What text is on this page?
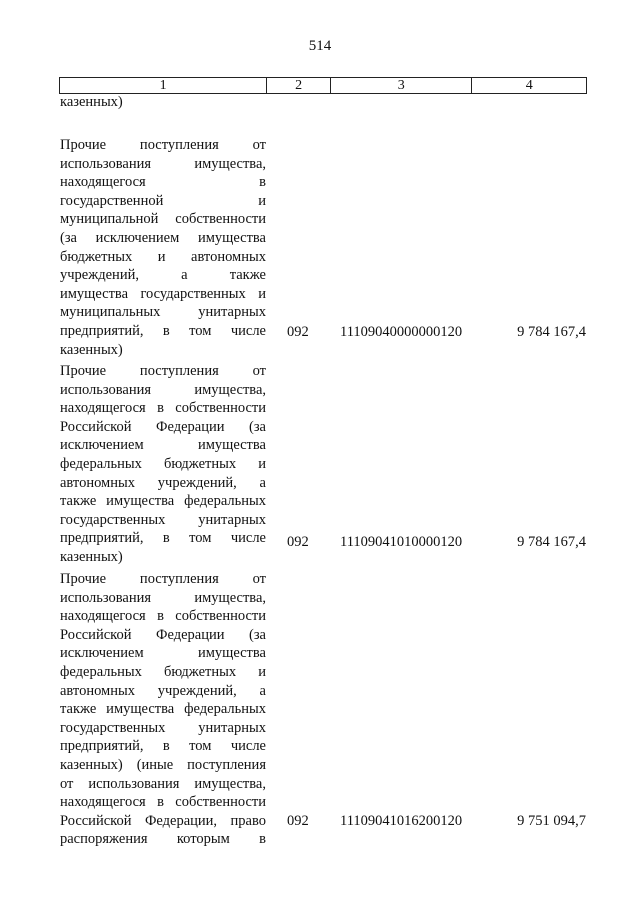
514
1	2	3	4
казенных)
Прочие поступления от
использования имущества,
находящегося в
государственной и
муниципальной собственности
(за исключением имущества
бюджетных и автономных
учреждений, а также
имущества государственных и
муниципальных унитарных
предприятий, в том числе
казенных)
092	11109040000000120	9 784 167,4
Прочие поступления от
использования имущества,
находящегося в собственности
Российской Федерации (за
исключением имущества
федеральных бюджетных и
автономных учреждений, а
также имущества федеральных
государственных унитарных
предприятий, в том числе
казенных)
092	11109041010000120	9 784 167,4
Прочие поступления от
использования имущества,
находящегося в собственности
Российской Федерации (за
исключением имущества
федеральных бюджетных и
автономных учреждений, а
также имущества федеральных
государственных унитарных
предприятий, в том числе
казенных) (иные поступления
от использования имущества,
находящегося в собственности
Российской Федерации, право
распоряжения которым в
092	11109041016200120	9 751 094,7
